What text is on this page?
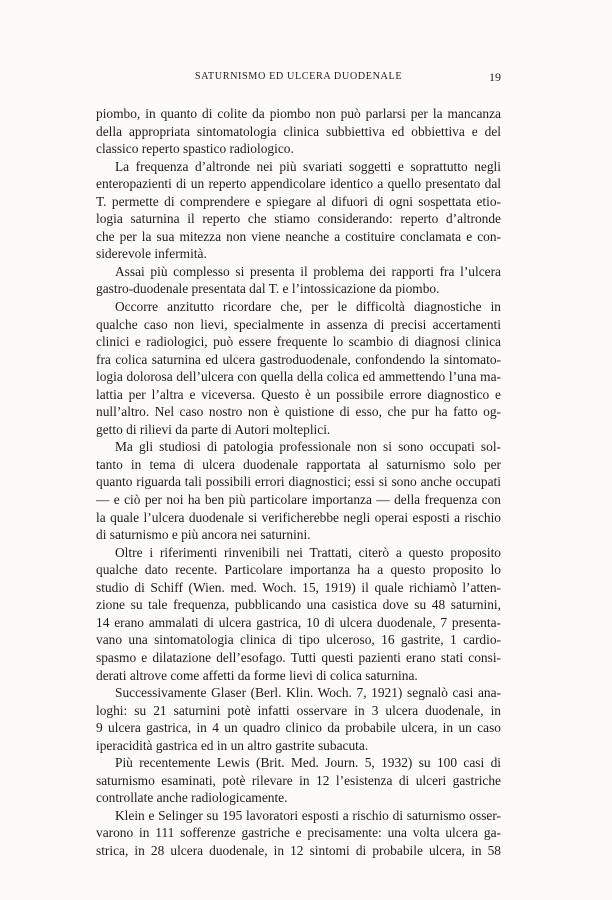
SATURNISMO ED ULCERA DUODENALE	19
piombo, in quanto di colite da piombo non può parlarsi per la mancanza
della appropriata sintomatologia clinica subbiettiva ed obbiettiva e del
classico reperto spastico radiologico.
La frequenza d’altronde nei più svariati soggetti e soprattutto negli
enteropazienti di un reperto appendicolare identico a quello presentato dal
T. permette di comprendere e spiegare al difuori di ogni sospettata etio-
logia saturnina il reperto che stiamo considerando: reperto d’altronde
che per la sua mitezza non viene neanche a costituire conclamata e con-
siderevole infermità.
Assai più complesso si presenta il problema dei rapporti fra l’ulcera
gastro-duodenale presentata dal T. e l’intossicazione da piombo.
Occorre anzitutto ricordare che, per le difficoltà diagnostiche in
qualche caso non lievi, specialmente in assenza di precisi accertamenti
clinici e radiologici, può essere frequente lo scambio di diagnosi clinica
fra colica saturnina ed ulcera gastroduodenale, confondendo la sintomato-
logia dolorosa dell’ulcera con quella della colica ed ammettendo l’una ma-
lattia per l’altra e viceversa. Questo è un possibile errore diagnostico e
null’altro. Nel caso nostro non è quistione di esso, che pur ha fatto og-
getto di rilievi da parte di Autori molteplici.
Ma gli studiosi di patologia professionale non si sono occupati sol-
tanto in tema di ulcera duodenale rapportata al saturnismo solo per
quanto riguarda tali possibili errori diagnostici; essi si sono anche occupati
— e ciò per noi ha ben più particolare importanza — della frequenza con
la quale l’ulcera duodenale si verificherebbe negli operai esposti a rischio
di saturnismo e più ancora nei saturnini.
Oltre i riferimenti rinvenibili nei Trattati, citerò a questo proposito
qualche dato recente. Particolare importanza ha a questo proposito lo
studio di Schiff (Wien. med. Woch. 15, 1919) il quale richiamò l’atten-
zione su tale frequenza, pubblicando una casistica dove su 48 saturnini,
14 erano ammalati di ulcera gastrica, 10 di ulcera duodenale, 7 presenta-
vano una sintomatologia clinica di tipo ulceroso, 16 gastrite, 1 cardio-
spasmo e dilatazione dell’esofago. Tutti questi pazienti erano stati consi-
derati altrove come affetti da forme lievi di colica saturnina.
Successivamente Glaser (Berl. Klin. Woch. 7, 1921) segnalò casi ana-
loghi: su 21 saturnini potè infatti osservare in 3 ulcera duodenale, in
9 ulcera gastrica, in 4 un quadro clinico da probabile ulcera, in un caso
iperacidità gastrica ed in un altro gastrite subacuta.
Più recentemente Lewis (Brit. Med. Journ. 5, 1932) su 100 casi di
saturnismo esaminati, potè rilevare in 12 l’esistenza di ulceri gastriche
controllate anche radiologicamente.
Klein e Selinger su 195 lavoratori esposti a rischio di saturnismo osser-
varono in 111 sofferenze gastriche e precisamente: una volta ulcera ga-
strica, in 28 ulcera duodenale, in 12 sintomi di probabile ulcera, in 58
